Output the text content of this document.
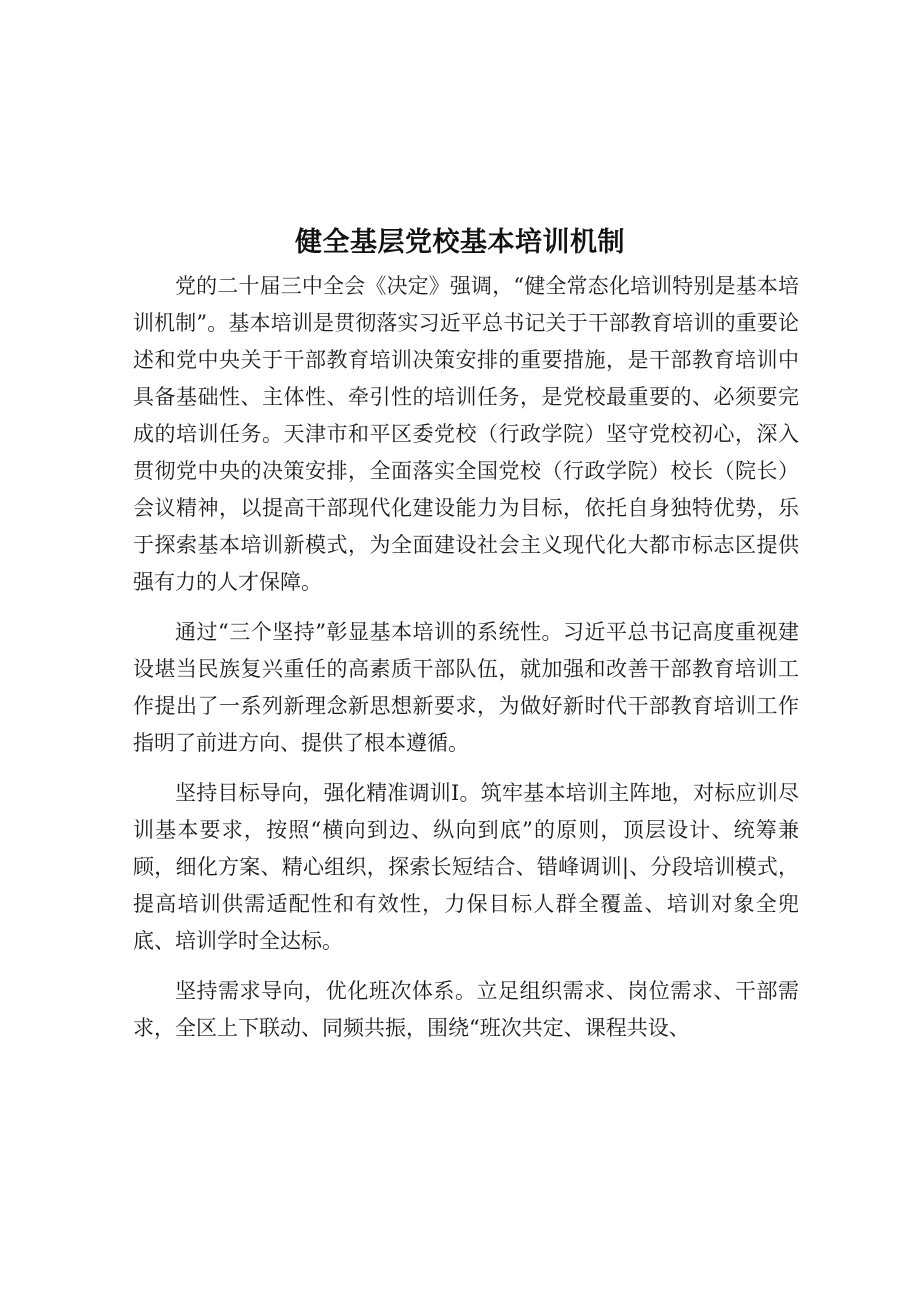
健全基层党校基本培训机制

党的二十届三中全会《决定》强调，“健全常态化培训特别是基本培训机制”。基本培训是贯彻落实习近平总书记关于干部教育培训的重要论述和党中央关于干部教育培训决策安排的重要措施，是干部教育培训中具备基础性、主体性、牵引性的培训任务，是党校最重要的、必须要完成的培训任务。天津市和平区委党校（行政学院）坚守党校初心，深入贯彻党中央的决策安排，全面落实全国党校（行政学院）校长（院长）会议精神，以提高干部现代化建设能力为目标，依托自身独特优势，乐于探索基本培训新模式，为全面建设社会主义现代化大都市标志区提供强有力的人才保障。

通过“三个坚持”彰显基本培训的系统性。习近平总书记高度重视建设堪当民族复兴重任的高素质干部队伍，就加强和改善干部教育培训工作提出了一系列新理念新思想新要求，为做好新时代干部教育培训工作指明了前进方向、提供了根本遵循。

坚持目标导向，强化精准调训I。筑牢基本培训主阵地，对标应训尽训基本要求，按照“横向到边、纵向到底”的原则，顶层设计、统筹兼顾，细化方案、精心组织，探索长短结合、错峰调训|、分段培训模式，提高培训供需适配性和有效性，力保目标人群全覆盖、培训对象全兜底、培训学时全达标。

坚持需求导向，优化班次体系。立足组织需求、岗位需求、干部需求，全区上下联动、同频共振，围绕“班次共定、课程共设、
